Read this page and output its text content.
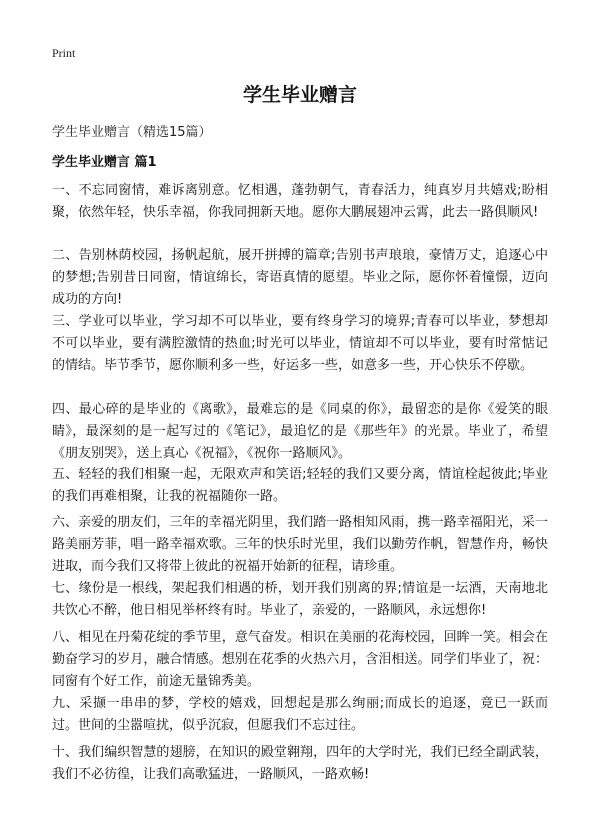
Print
学生毕业赠言
学生毕业赠言（精选15篇）
学生毕业赠言 篇1

一、不忘同窗情，难诉离别意。忆相遇，蓬勃朝气，青春活力，纯真岁月共嬉戏;盼相聚，依然年轻，快乐幸福，你我同拥新天地。愿你大鹏展翅冲云霄，此去一路俱顺风!

二、告别林荫校园，扬帆起航，展开拼搏的篇章;告别书声琅琅，豪情万丈，追逐心中的梦想;告别昔日同窗，情谊绵长，寄语真情的愿望。毕业之际，愿你怀着憧憬，迈向成功的方向!

三、学业可以毕业，学习却不可以毕业，要有终身学习的境界;青春可以毕业，梦想却不可以毕业，要有满腔激情的热血;时光可以毕业，情谊却不可以毕业，要有时常惦记的情结。毕节季节，愿你顺利多一些，好运多一些，如意多一些，开心快乐不停歇。

四、最心碎的是毕业的《离歌》，最难忘的是《同桌的你》，最留恋的是你《爱笑的眼睛》，最深刻的是一起写过的《笔记》，最追忆的是《那些年》的光景。毕业了，希望《朋友别哭》，送上真心《祝福》，《祝你一路顺风》。

五、轻轻的我们相聚一起，无限欢声和笑语;轻轻的我们又要分离，情谊栓起彼此;毕业的我们再难相聚，让我的祝福随你一路。

六、亲爱的朋友们，三年的幸福光阴里，我们踏一路相知风雨，携一路幸福阳光，采一路美丽芳菲，唱一路幸福欢歌。三年的快乐时光里，我们以勤劳作帆，智慧作舟，畅快进取，而今我们又将带上彼此的祝福开始新的征程，请珍重。

七、缘份是一根线，架起我们相遇的桥，划开我们别离的界;情谊是一坛酒，天南地北共饮心不醉，他日相见举杯终有时。毕业了，亲爱的，一路顺风，永远想你!

八、相见在丹菊花绽的季节里，意气奋发。相识在美丽的花海校园，回眸一笑。相会在勤奋学习的岁月，融合情感。想别在花季的火热六月，含泪相送。同学们毕业了，祝：同窗有个好工作，前途无量锦秀美。

九、采撷一串串的梦，学校的嬉戏，回想起是那么绚丽;而成长的追逐，竟已一跃而过。世间的尘嚣喧扰，似乎沉寂，但愿我们不忘过往。

十、我们编织智慧的翅膀，在知识的殿堂翱翔，四年的大学时光，我们已经全副武装，我们不必彷徨，让我们高歌猛进，一路顺风，一路欢畅!
